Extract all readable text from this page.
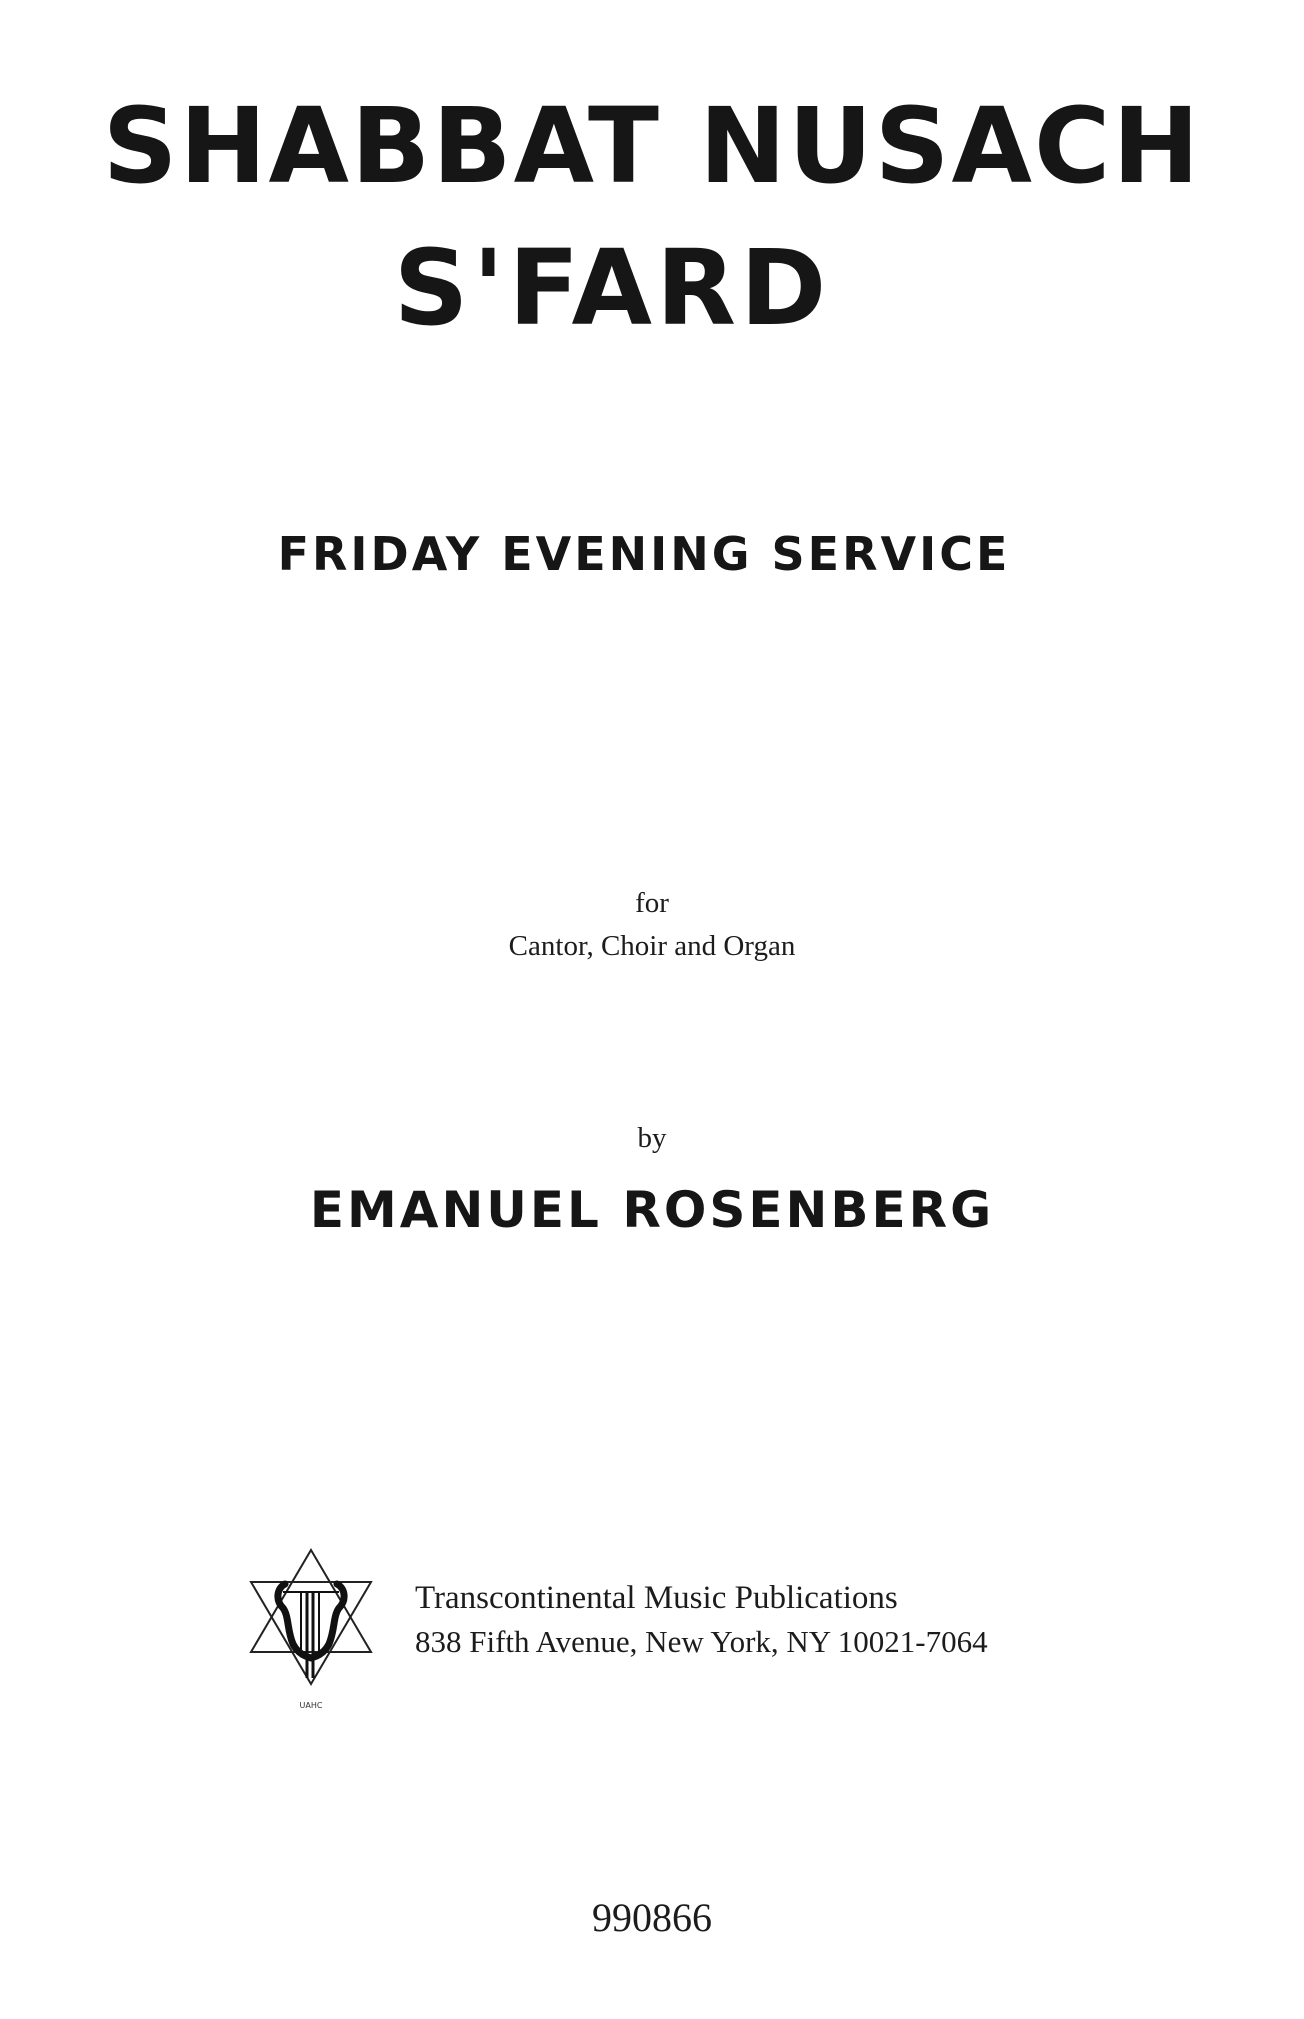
SHABBAT NUSACH
S'FARD
FRIDAY EVENING SERVICE

for

Cantor, Choir and Organ

by

EMANUEL ROSENBERG

UAHC

Transcontinental Music Publications

838 Fifth Avenue, New York, NY 10021-7064

990866
